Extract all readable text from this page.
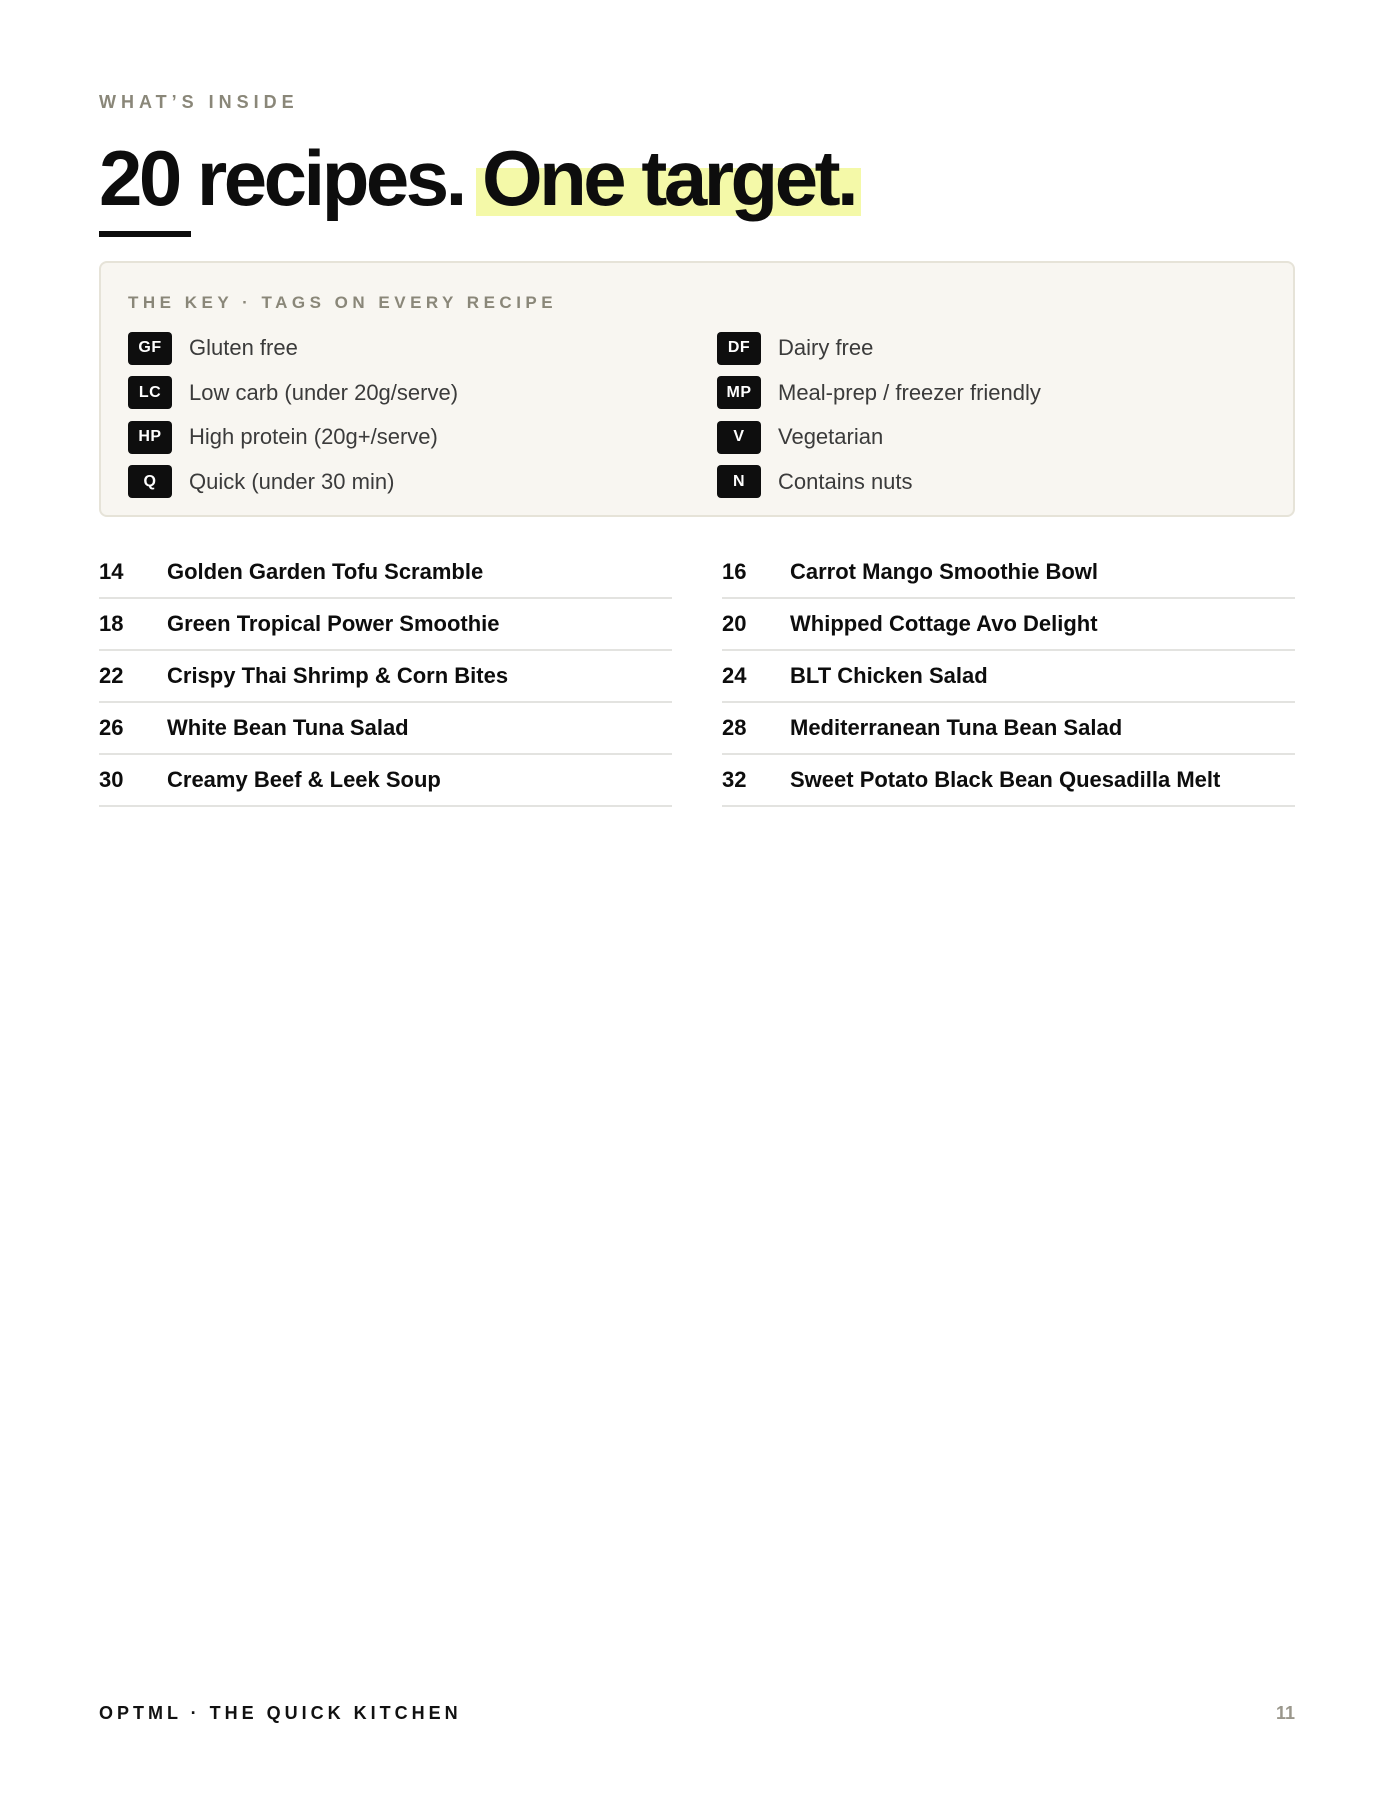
WHAT’S INSIDE
20 recipes. One target.
THE KEY · TAGS ON EVERY RECIPE
GF	Gluten free
LC	Low carb (under 20g/serve)
HP	High protein (20g+/serve)
Q	Quick (under 30 min)
DF	Dairy free
MP	Meal-prep / freezer friendly
V	Vegetarian
N	Contains nuts
14	Golden Garden Tofu Scramble
18	Green Tropical Power Smoothie
22	Crispy Thai Shrimp & Corn Bites
26	White Bean Tuna Salad
30	Creamy Beef & Leek Soup
16	Carrot Mango Smoothie Bowl
20	Whipped Cottage Avo Delight
24	BLT Chicken Salad
28	Mediterranean Tuna Bean Salad
32	Sweet Potato Black Bean Quesadilla Melt
OPTML · THE QUICK KITCHEN	11
